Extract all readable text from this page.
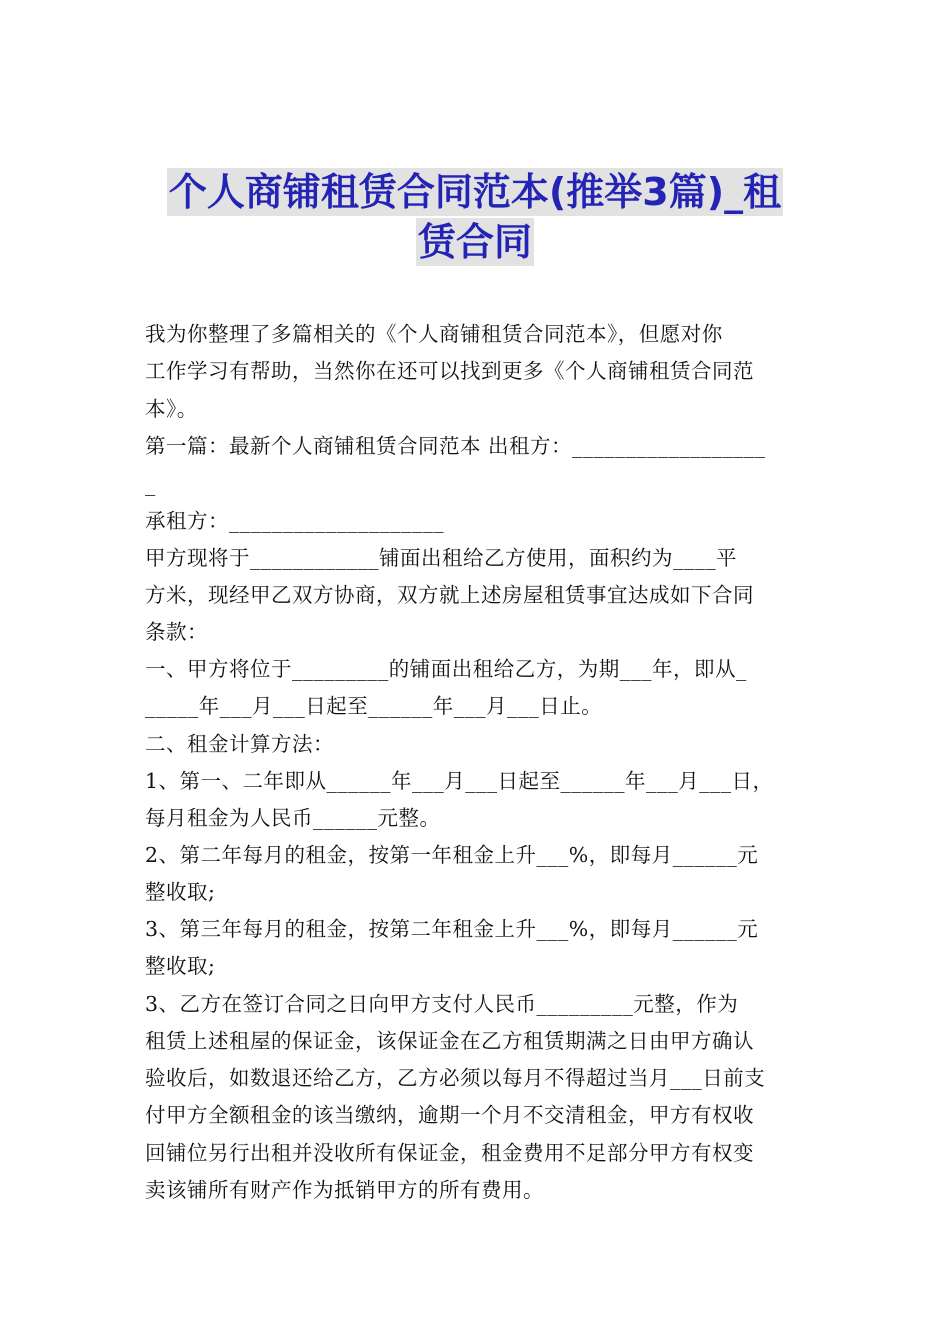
个人商铺租赁合同范本(推举3篇)_租
赁合同
我为你整理了多篇相关的《个人商铺租赁合同范本》，但愿对你
工作学习有帮助，当然你在还可以找到更多《个人商铺租赁合同范
本》。
第一篇：最新个人商铺租赁合同范本 出租方：__________________
_
承租方：____________________
甲方现将于____________铺面出租给乙方使用，面积约为____平
方米，现经甲乙双方协商，双方就上述房屋租赁事宜达成如下合同
条款：
一、甲方将位于_________的铺面出租给乙方，为期___年，即从_
_____年___月___日起至______年___月___日止。
二、租金计算方法：
1、第一、二年即从______年___月___日起至______年___月___日，
每月租金为人民币______元整。
2、第二年每月的租金，按第一年租金上升___%，即每月______元
整收取;
3、第三年每月的租金，按第二年租金上升___%，即每月______元
整收取;
3、乙方在签订合同之日向甲方支付人民币_________元整，作为
租赁上述租屋的保证金，该保证金在乙方租赁期满之日由甲方确认
验收后，如数退还给乙方，乙方必须以每月不得超过当月___日前支
付甲方全额租金的该当缴纳，逾期一个月不交清租金，甲方有权收
回铺位另行出租并没收所有保证金，租金费用不足部分甲方有权变
卖该铺所有财产作为抵销甲方的所有费用。
